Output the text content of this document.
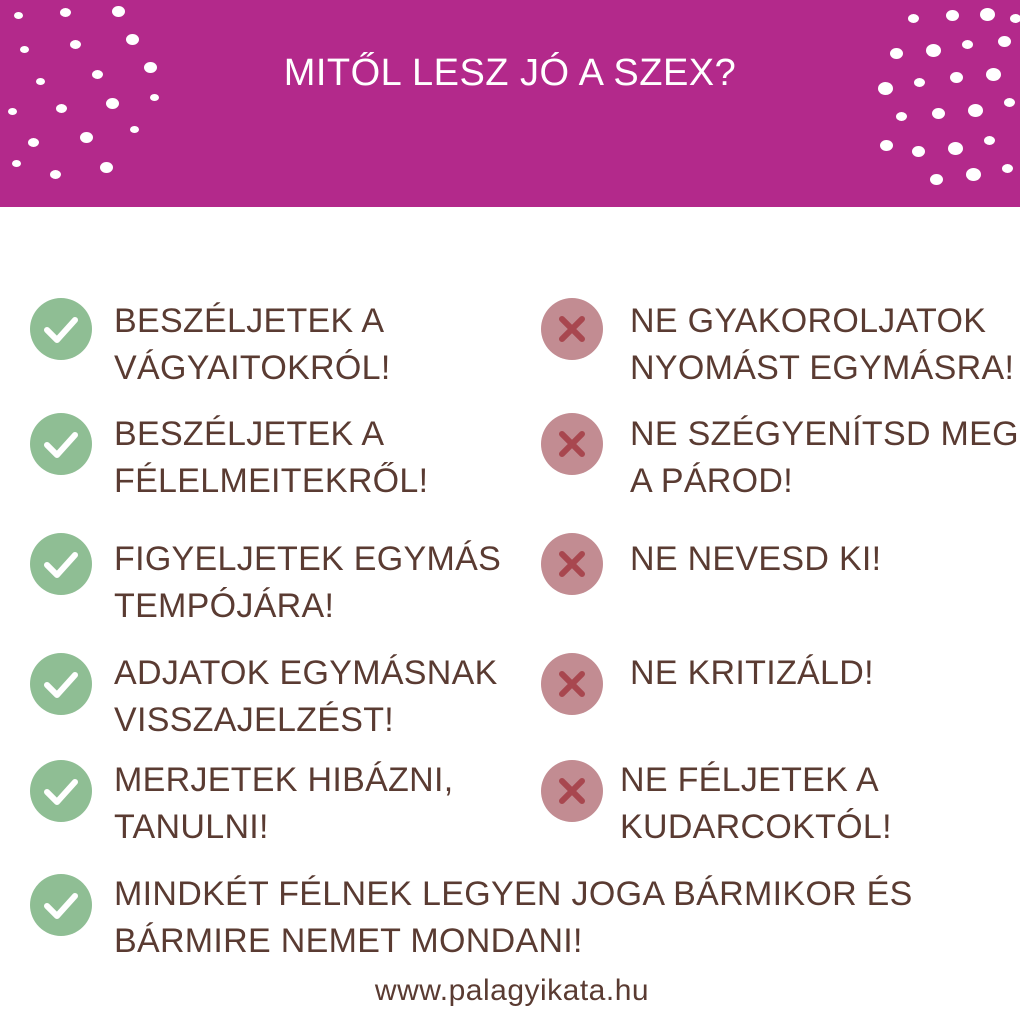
MITŐL LESZ JÓ A SZEX?
BESZÉLJETEK A
VÁGYAITOKRÓL!
BESZÉLJETEK A
FÉLELMEITEKRŐL!
FIGYELJETEK EGYMÁS
TEMPÓJÁRA!
ADJATOK EGYMÁSNAK
VISSZAJELZÉST!
MERJETEK HIBÁZNI,
TANULNI!
MINDKÉT FÉLNEK LEGYEN JOGA BÁRMIKOR ÉS
BÁRMIRE NEMET MONDANI!
NE GYAKOROLJATOK
NYOMÁST EGYMÁSRA!
NE SZÉGYENÍTSD MEG
A PÁROD!
NE NEVESD KI!
NE KRITIZÁLD!
NE FÉLJETEK A
KUDARCOKTÓL!
www.palagyikata.hu
